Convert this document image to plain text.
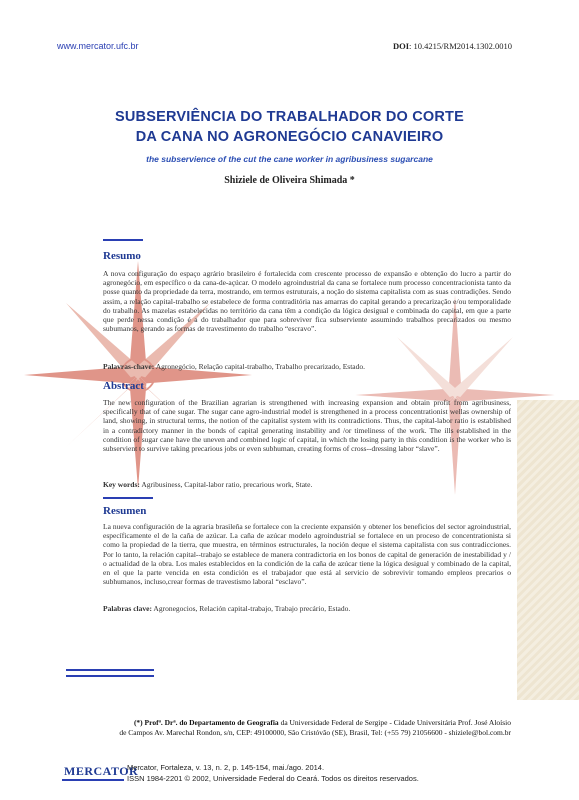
www.mercator.ufc.br	DOI: 10.4215/RM2014.1302.0010
SUBSERVIÊNCIA DO TRABALHADOR DO CORTE
DA CANA NO AGRONEGÓCIO CANAVIEIRO
the subservience of the cut the cane worker in agribusiness sugarcane
Shiziele de Oliveira Shimada *
Resumo
A nova configuração do espaço agrário brasileiro é fortalecida com crescente processo de expansão e obtenção do lucro a partir do agronegócio, em específico o da cana-de-açúcar. O modelo agroindustrial da cana se fortalece num processo concentracionista tanto da posse quanto da propriedade da terra, mostrando, em termos estruturais, a noção do sistema capitalista com as suas contradições. Sendo assim, a relação capital-trabalho se estabelece de forma contraditória nas amarras do capital gerando a precarização e/ou temporalidade do trabalho. As mazelas estabelecidas no território da cana têm a condição da lógica desigual e combinada do capital, em que a parte que perde nessa condição é a do trabalhador que para sobreviver fica subserviente assumindo trabalhos precarizados ou mesmo subumanos, gerando as formas de travestimento do trabalho “escravo”.
Palavras-chave: Agronegócio, Relação capital-trabalho, Trabalho precarizado, Estado.
Abstract
The new configuration of the Brazilian agrarian is strengthened with increasing expansion and obtain profit from agribusiness, specifically that of cane sugar. The sugar cane agro-industrial model is strengthened in a process concentrationist wellas ownership of land, showing, in structural terms, the notion of the capitalist system with its contradictions. Thus, the capital-labor ratio is established in a contradictory manner in the bonds of capital generating instability and /or timeliness of the work. The ills established in the condition of sugar cane have the uneven and combined logic of capital, in which the losing party in this condition is the worker who is subservient to survive taking precarious jobs or even subhuman, creating forms of cross--dressing labor “slave”.
Key words: Agribusiness, Capital-labor ratio, precarious work, State.
Resumen
La nueva configuración de la agraria brasileña se fortalece con la creciente expansión y obtener los beneficios del sector agroindustrial, específicamente el de la caña de azúcar. La caña de azúcar modelo agroindustrial se fortalece en un proceso de concentrationista si como la propiedad de la tierra, que muestra, en términos estructurales, la noción deque el sistema capitalista con sus contradicciones. Por lo tanto, la relación capital--trabajo se establece de manera contradictoria en los bonos de capital de generación de inestabilidad y / o actualidad de la obra. Los males establecidos en la condición de la caña de azúcar tiene la lógica desigual y combinado de la capital, en el que la parte vencida en esta condición es el trabajador que está al servicio de sobrevivir tomando empleos precarios o subhumanos, incluso,crear formas de travestismo laboral “esclavo”.
Palabras clave: Agronegocios, Relación capital-trabajo, Trabajo precário, Estado.
(*) Profª. Drª. do Departamento de Geografia da Universidade Federal de Sergipe - Cidade Universitária Prof. José Aloísio
de Campos Av. Marechal Rondon, s/n, CEP: 49100000, São Cristóvão (SE), Brasil, Tel: (+55 79) 21056600 - shiziele@bol.com.br
MERCATOR
Mercator, Fortaleza, v. 13, n. 2, p. 145-154, mai./ago. 2014.
ISSN 1984-2201 © 2002, Universidade Federal do Ceará. Todos os direitos reservados.
